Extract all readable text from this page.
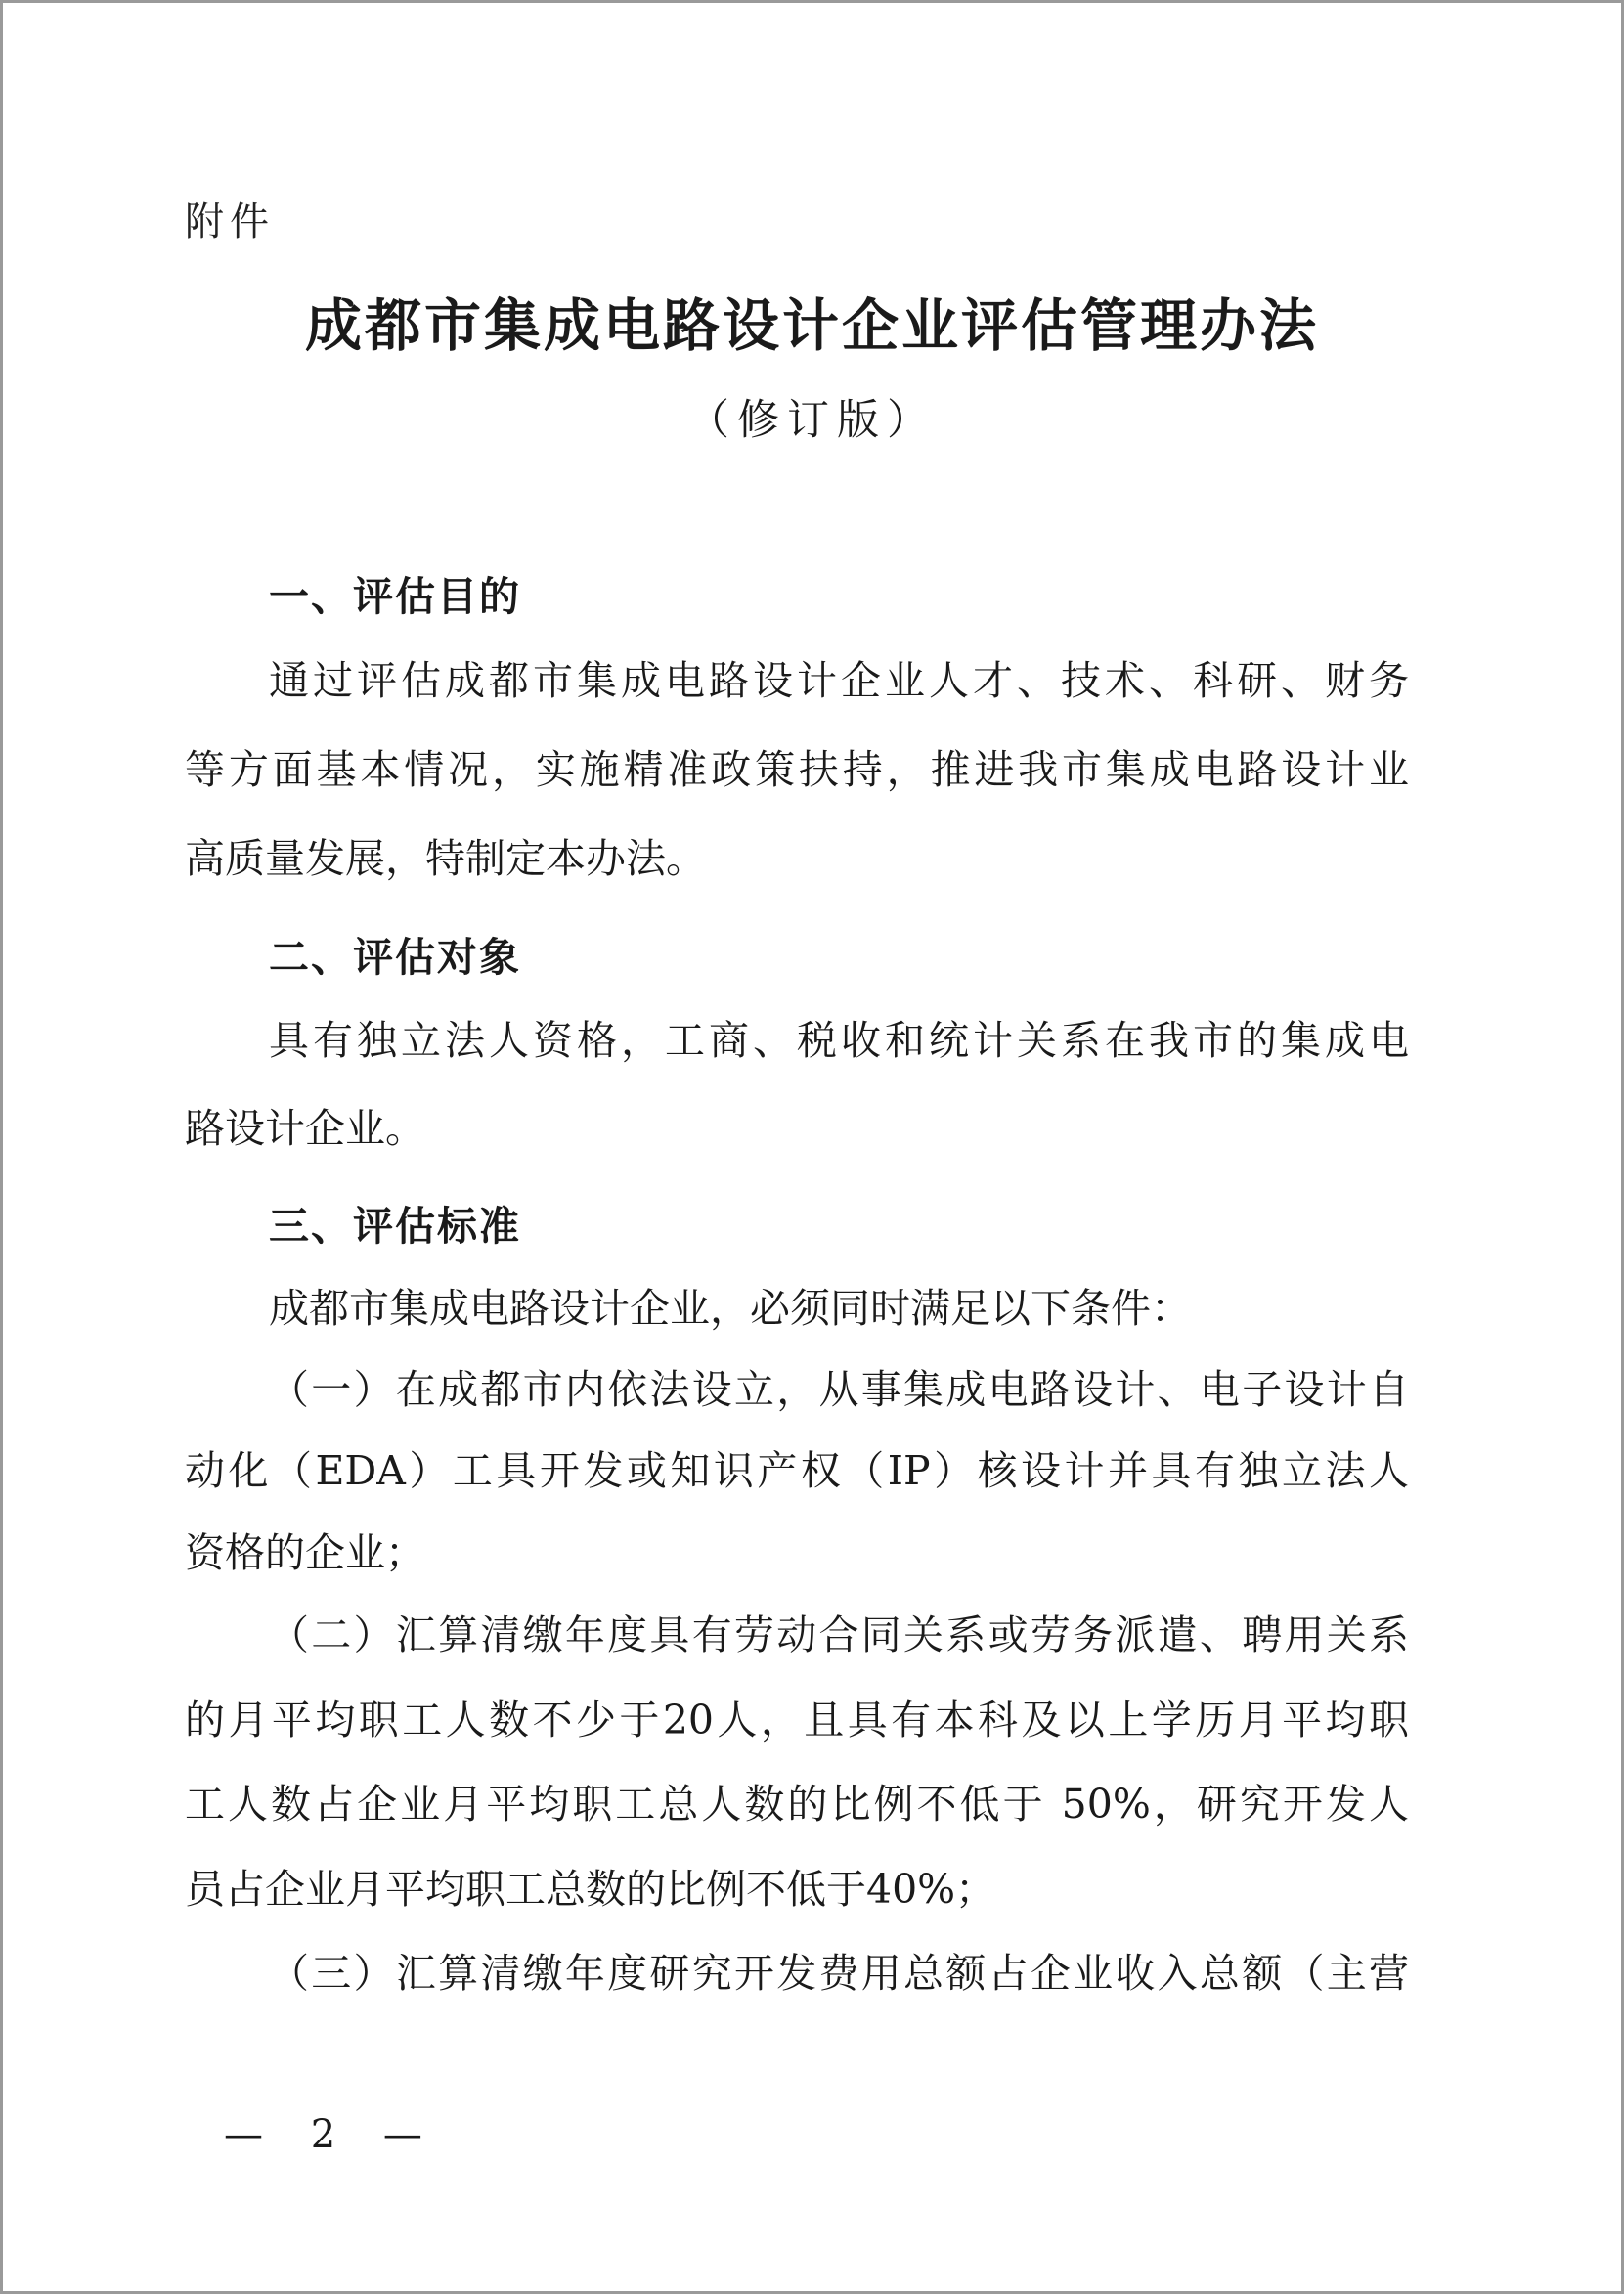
附件

成都市集成电路设计企业评估管理办法

（修订版）

一、评估目的

通过评估成都市集成电路设计企业人才、技术、科研、财务

等方面基本情况，实施精准政策扶持，推进我市集成电路设计业

高质量发展，特制定本办法。

二、评估对象

具有独立法人资格，工商、税收和统计关系在我市的集成电

路设计企业。

三、评估标准

成都市集成电路设计企业，必须同时满足以下条件：

（一）在成都市内依法设立，从事集成电路设计、电子设计自

动化（EDA）工具开发或知识产权（IP）核设计并具有独立法人

资格的企业；

（二）汇算清缴年度具有劳动合同关系或劳务派遣、聘用关系

的月平均职工人数不少于20人，且具有本科及以上学历月平均职

工人数占企业月平均职工总人数的比例不低于 50%，研究开发人

员占企业月平均职工总数的比例不低于40%；

（三）汇算清缴年度研究开发费用总额占企业收入总额（主营

— 2 —
